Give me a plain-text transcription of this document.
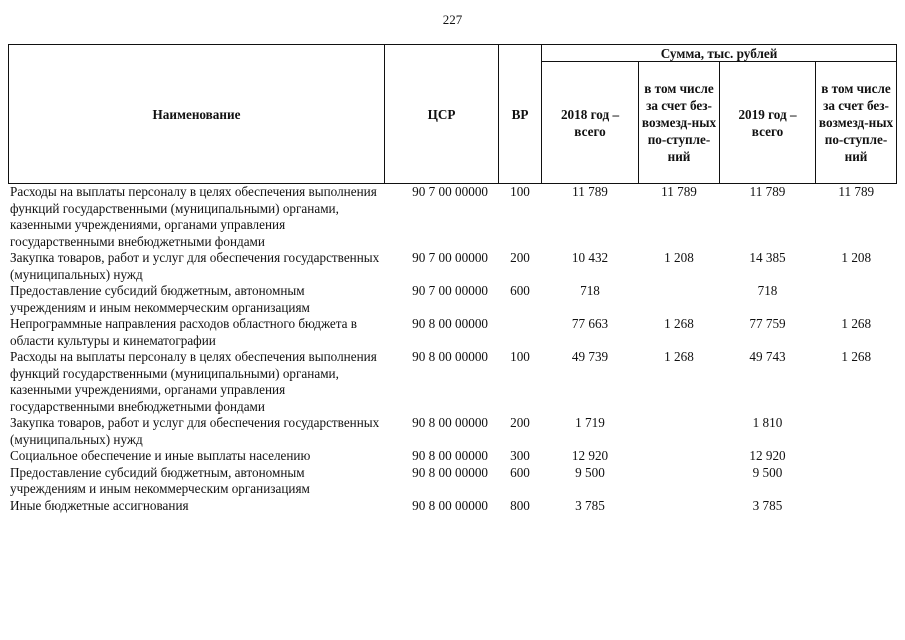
227
Наименование	ЦСР	ВР	Сумма, тыс. рублей			
			2018 год – всего	в том числе за счет без-возмезд-ных по-ступле-ний	2019 год – всего	в том числе за счет без-возмезд-ных по-ступле-ний
Расходы на выплаты персоналу в целях обеспечения выполнения функций государственными (муниципальными) органами, казенными учреждениями, органами управления государственными внебюджетными фондами	90 7 00 00000	100	11 789	11 789	11 789	11 789
Закупка товаров, работ и услуг для обеспечения государственных (муниципальных) нужд	90 7 00 00000	200	10 432	1 208	14 385	1 208
Предоставление субсидий бюджетным, автономным учреждениям и иным некоммерческим организациям	90 7 00 00000	600	718		718	
Непрограммные направления расходов областного бюджета в области культуры и кинематографии	90 8 00 00000		77 663	1 268	77 759	1 268
Расходы на выплаты персоналу в целях обеспечения выполнения функций государственными (муниципальными) органами, казенными учреждениями, органами управления государственными внебюджетными фондами	90 8 00 00000	100	49 739	1 268	49 743	1 268
Закупка товаров, работ и услуг для обеспечения государственных (муниципальных) нужд	90 8 00 00000	200	1 719		1 810	
Социальное обеспечение и иные выплаты населению	90 8 00 00000	300	12 920		12 920	
Предоставление субсидий бюджетным, автономным учреждениям и иным некоммерческим организациям	90 8 00 00000	600	9 500		9 500	
Иные бюджетные ассигнования	90 8 00 00000	800	3 785		3 785	
